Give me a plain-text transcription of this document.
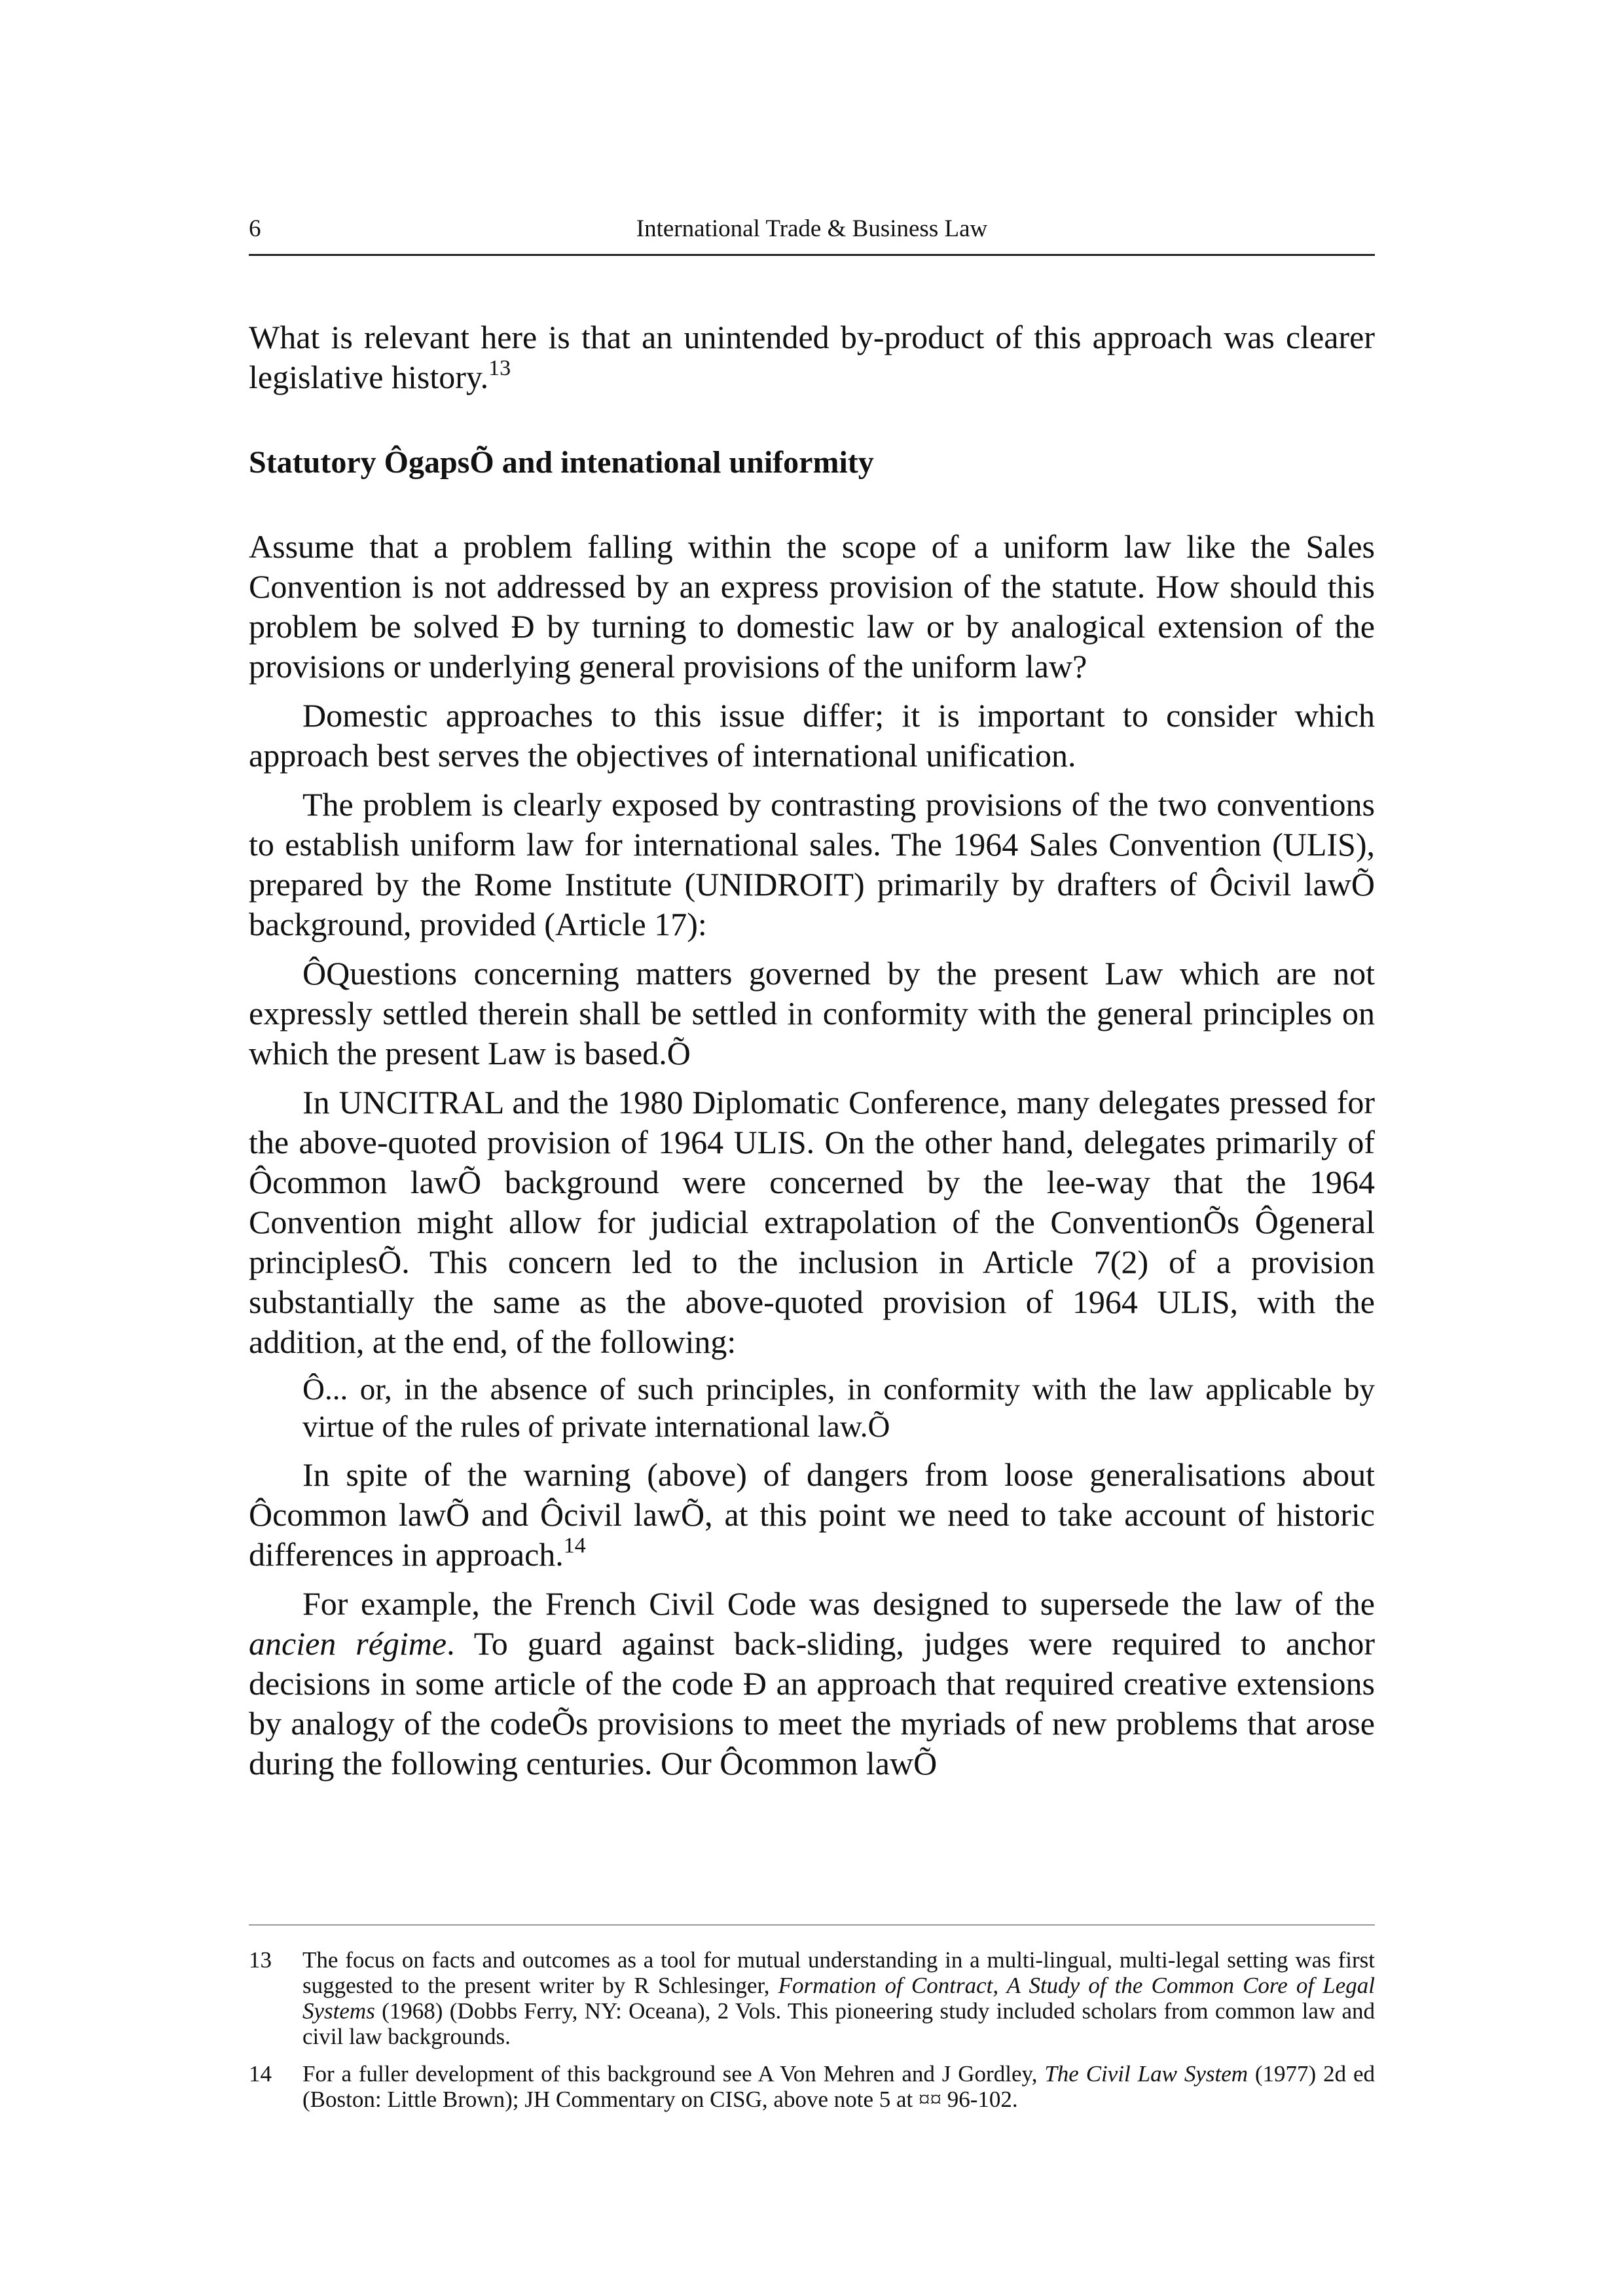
6	International Trade & Business Law

What is relevant here is that an unintended by-product of this approach was clearer legislative history.$^{13}$

Statutory ÔgapsÕ and intenational uniformity

Assume that a problem falling within the scope of a uniform law like the Sales Convention is not addressed by an express provision of the statute. How should this problem be solved Ð by turning to domestic law or by analogical extension of the provisions or underlying general provisions of the uniform law?

Domestic approaches to this issue differ; it is important to consider which approach best serves the objectives of international unification.

The problem is clearly exposed by contrasting provisions of the two conventions to establish uniform law for international sales. The 1964 Sales Convention (ULIS), prepared by the Rome Institute (UNIDROIT) primarily by drafters of Ôcivil lawÕ background, provided (Article 17):

ÔQuestions concerning matters governed by the present Law which are not expressly settled therein shall be settled in conformity with the general principles on which the present Law is based.Õ

In UNCITRAL and the 1980 Diplomatic Conference, many delegates pressed for the above-quoted provision of 1964 ULIS. On the other hand, delegates primarily of Ôcommon lawÕ background were concerned by the lee-way that the 1964 Convention might allow for judicial extrapolation of the ConventionÕs Ôgeneral principlesÕ. This concern led to the inclusion in Article 7(2) of a provision substantially the same as the above-quoted provision of 1964 ULIS, with the addition, at the end, of the following:

Ô... or, in the absence of such principles, in conformity with the law applicable by virtue of the rules of private international law.Õ

In spite of the warning (above) of dangers from loose generalisations about Ôcommon lawÕ and Ôcivil lawÕ, at this point we need to take account of historic differences in approach.$^{14}$

For example, the French Civil Code was designed to supersede the law of the ancien régime. To guard against back-sliding, judges were required to anchor decisions in some article of the code Ð an approach that required creative extensions by analogy of the codeÕs provisions to meet the myriads of new problems that arose during the following centuries. Our Ôcommon lawÕ

13 The focus on facts and outcomes as a tool for mutual understanding in a multi-lingual, multi-legal setting was first suggested to the present writer by R Schlesinger, Formation of Contract, A Study of the Common Core of Legal Systems (1968) (Dobbs Ferry, NY: Oceana), 2 Vols. This pioneering study included scholars from common law and civil law backgrounds.
14 For a fuller development of this background see A Von Mehren and J Gordley, The Civil Law System (1977) 2d ed (Boston: Little Brown); JH Commentary on CISG, above note 5 at ¤¤ 96-102.
